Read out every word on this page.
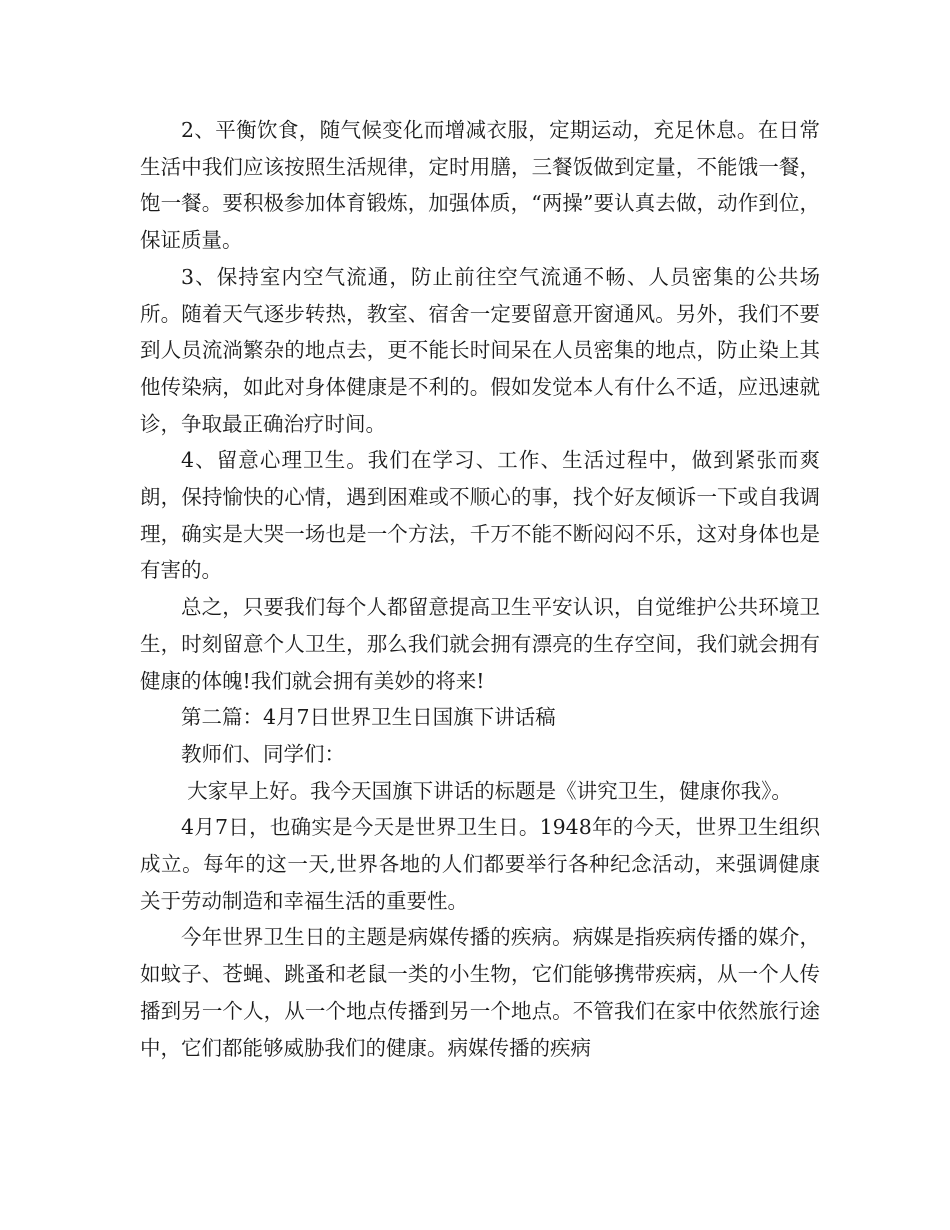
2、平衡饮食，随气候变化而增减衣服，定期运动，充足休息。在日常生活中我们应该按照生活规律，定时用膳，三餐饭做到定量，不能饿一餐，饱一餐。要积极参加体育锻炼，加强体质，“两操”要认真去做，动作到位，保证质量。

3、保持室内空气流通，防止前往空气流通不畅、人员密集的公共场所。随着天气逐步转热，教室、宿舍一定要留意开窗通风。另外，我们不要到人员流淌繁杂的地点去，更不能长时间呆在人员密集的地点，防止染上其他传染病，如此对身体健康是不利的。假如发觉本人有什么不适，应迅速就诊，争取最正确治疗时间。

4、留意心理卫生。我们在学习、工作、生活过程中，做到紧张而爽朗，保持愉快的心情，遇到困难或不顺心的事，找个好友倾诉一下或自我调理，确实是大哭一场也是一个方法，千万不能不断闷闷不乐，这对身体也是有害的。

总之，只要我们每个人都留意提高卫生平安认识，自觉维护公共环境卫生，时刻留意个人卫生，那么我们就会拥有漂亮的生存空间，我们就会拥有健康的体魄!我们就会拥有美妙的将来!

第二篇：4月7日世界卫生日国旗下讲话稿

教师们、同学们：

大家早上好。我今天国旗下讲话的标题是《讲究卫生，健康你我》。

4月7日，也确实是今天是世界卫生日。1948年的今天，世界卫生组织成立。每年的这一天,世界各地的人们都要举行各种纪念活动，来强调健康关于劳动制造和幸福生活的重要性。

今年世界卫生日的主题是病媒传播的疾病。病媒是指疾病传播的媒介，如蚊子、苍蝇、跳蚤和老鼠一类的小生物，它们能够携带疾病，从一个人传播到另一个人，从一个地点传播到另一个地点。不管我们在家中依然旅行途中，它们都能够威胁我们的健康。病媒传播的疾病
